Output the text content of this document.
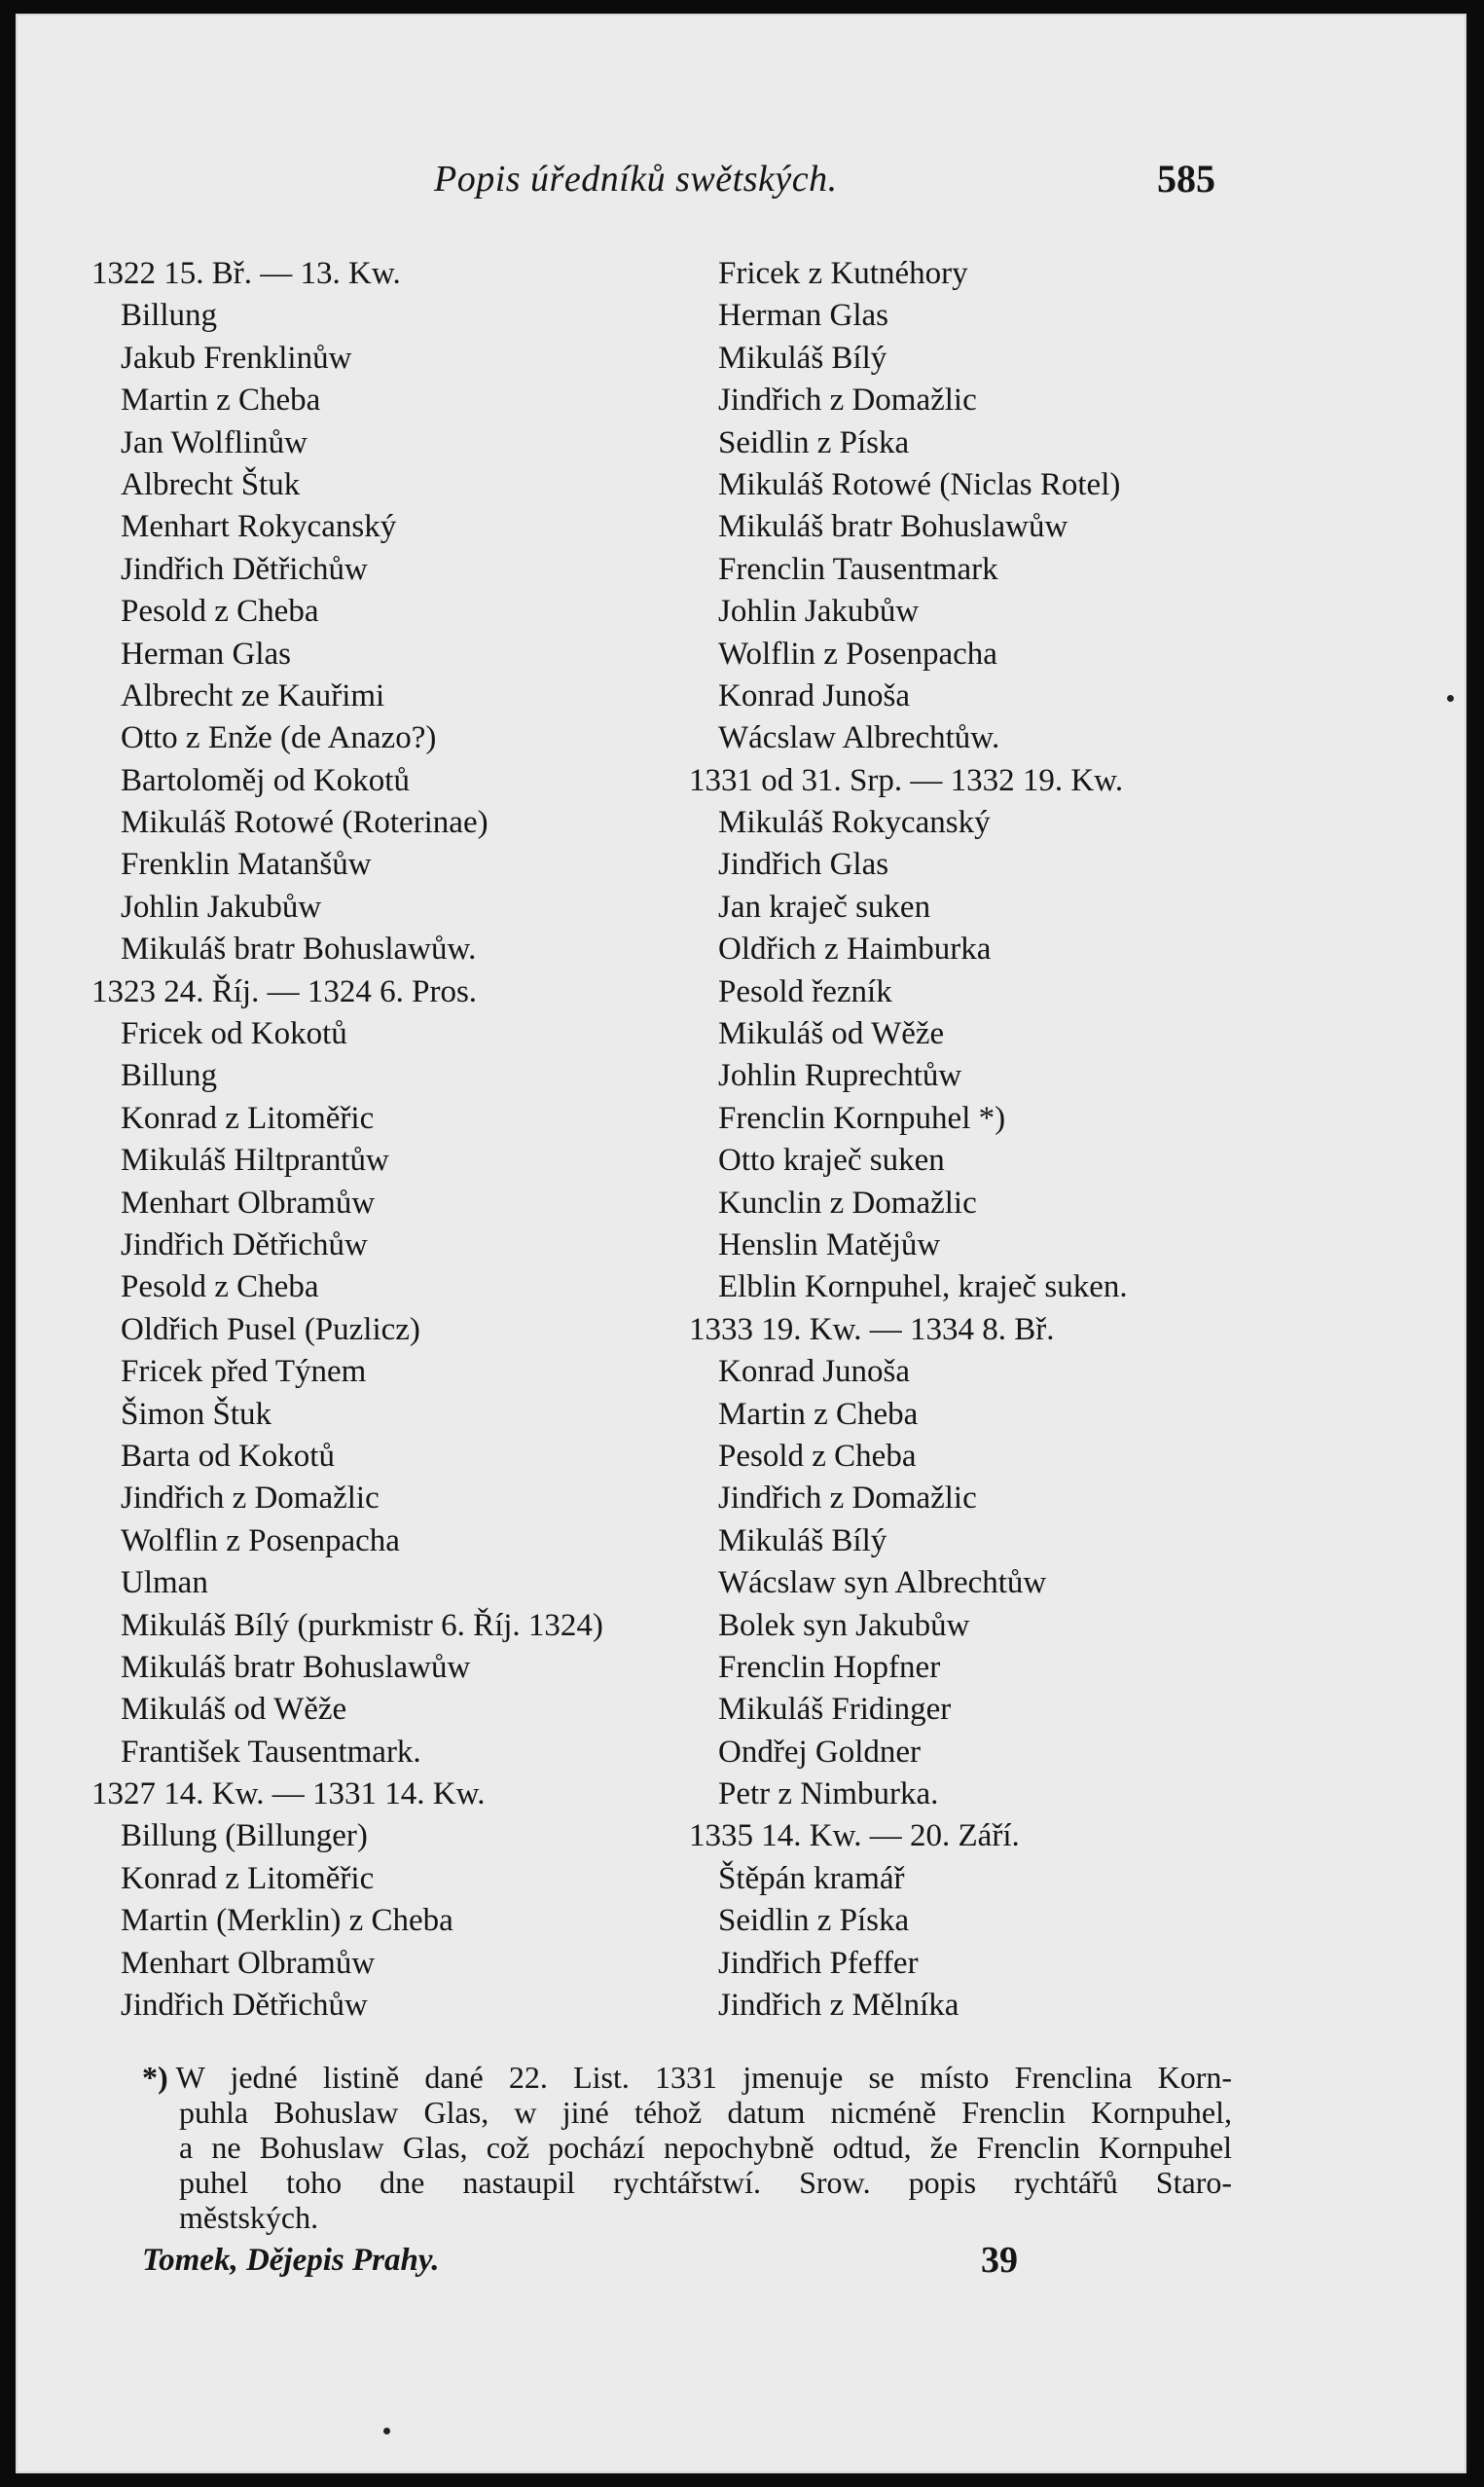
Popis úředníků swětských.	585
1322 15. Bř. — 13. Kw.
Billung
Jakub Frenklinůw
Martin z Cheba
Jan Wolflinůw
Albrecht Štuk
Menhart Rokycanský
Jindřich Dětřichůw
Pesold z Cheba
Herman Glas
Albrecht ze Kauřimi
Otto z Enže (de Anazo?)
Bartoloměj od Kokotů
Mikuláš Rotowé (Roterinae)
Frenklin Matanšůw
Johlin Jakubůw
Mikuláš bratr Bohuslawůw.
1323 24. Říj. — 1324 6. Pros.
Fricek od Kokotů
Billung
Konrad z Litoměřic
Mikuláš Hiltprantůw
Menhart Olbramůw
Jindřich Dětřichůw
Pesold z Cheba
Oldřich Pusel (Puzlicz)
Fricek před Týnem
Šimon Štuk
Barta od Kokotů
Jindřich z Domažlic
Wolflin z Posenpacha
Ulman
Mikuláš Bílý (purkmistr 6. Říj. 1324)
Mikuláš bratr Bohuslawůw
Mikuláš od Wěže
František Tausentmark.
1327 14. Kw. — 1331 14. Kw.
Billung (Billunger)
Konrad z Litoměřic
Martin (Merklin) z Cheba
Menhart Olbramůw
Jindřich Dětřichůw
Fricek z Kutnéhory
Herman Glas
Mikuláš Bílý
Jindřich z Domažlic
Seidlin z Píska
Mikuláš Rotowé (Niclas Rotel)
Mikuláš bratr Bohuslawůw
Frenclin Tausentmark
Johlin Jakubůw
Wolflin z Posenpacha
Konrad Junoša
Wácslaw Albrechtůw.
1331 od 31. Srp. — 1332 19. Kw.
Mikuláš Rokycanský
Jindřich Glas
Jan kraječ suken
Oldřich z Haimburka
Pesold řezník
Mikuláš od Wěže
Johlin Ruprechtůw
Frenclin Kornpuhel *)
Otto kraječ suken
Kunclin z Domažlic
Henslin Matějůw
Elblin Kornpuhel, kraječ suken.
1333 19. Kw. — 1334 8. Bř.
Konrad Junoša
Martin z Cheba
Pesold z Cheba
Jindřich z Domažlic
Mikuláš Bílý
Wácslaw syn Albrechtůw
Bolek syn Jakubůw
Frenclin Hopfner
Mikuláš Fridinger
Ondřej Goldner
Petr z Nimburka.
1335 14. Kw. — 20. Září.
Štěpán kramář
Seidlin z Píska
Jindřich Pfeffer
Jindřich z Mělníka
*) W jedné listině dané 22. List. 1331 jmenuje se místo Frenclina Korn-
puhla Bohuslaw Glas, w jiné téhož datum nicméně Frenclin Kornpuhel,
a ne Bohuslaw Glas, což pochází nepochybně odtud, že Frenclin Kornpuhel
puhel toho dne nastaupil rychtářstwí. Srow. popis rychtářů Staro-
městských.
Tomek, Dějepis Prahy.	39
